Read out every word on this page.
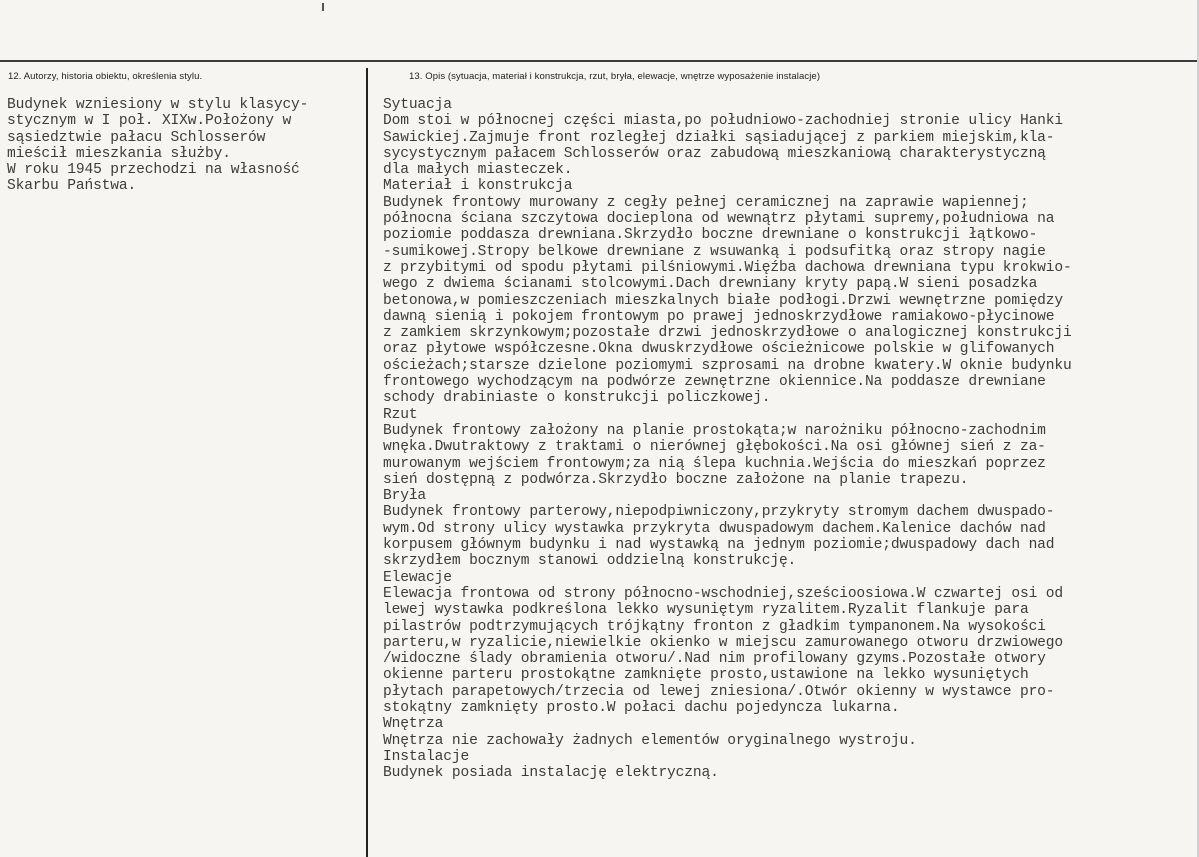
12. Autorzy, historia obiektu, określenia stylu.	13. Opis (sytuacja, materiał i konstrukcja, rzut, bryła, elewacje, wnętrze wyposażenie instalacje)
Budynek wzniesiony w stylu klasycy-
stycznym w I poł. XIXw.Położony w
sąsiedztwie pałacu Schlosserów
mieścił mieszkania służby.
W roku 1945 przechodzi na własność
Skarbu Państwa.
Sytuacja
Dom stoi w północnej części miasta,po południowo-zachodniej stronie ulicy Hanki
Sawickiej.Zajmuje front rozległej działki sąsiadującej z parkiem miejskim,kla-
sycystycznym pałacem Schlosserów oraz zabudową mieszkaniową charakterystyczną
dla małych miasteczek.
Materiał i konstrukcja
Budynek frontowy murowany z cegły pełnej ceramicznej na zaprawie wapiennej;
północna ściana szczytowa docieplona od wewnątrz płytami supremy,południowa na
poziomie poddasza drewniana.Skrzydło boczne drewniane o konstrukcji łątkowo-
-sumikowej.Stropy belkowe drewniane z wsuwanką i podsufitką oraz stropy nagie
z przybitymi od spodu płytami pilśniowymi.Więźba dachowa drewniana typu krokwio-
wego z dwiema ścianami stolcowymi.Dach drewniany kryty papą.W sieni posadzka
betonowa,w pomieszczeniach mieszkalnych białe podłogi.Drzwi wewnętrzne pomiędzy
dawną sienią i pokojem frontowym po prawej jednoskrzydłowe ramiakowo-płycinowe
z zamkiem skrzynkowym;pozostałe drzwi jednoskrzydłowe o analogicznej konstrukcji
oraz płytowe współczesne.Okna dwuskrzydłowe ościeżnicowe polskie w glifowanych
ościeżach;starsze dzielone poziomymi szprosami na drobne kwatery.W oknie budynku
frontowego wychodzącym na podwórze zewnętrzne okiennice.Na poddasze drewniane
schody drabiniaste o konstrukcji policzkowej.
Rzut
Budynek frontowy założony na planie prostokąta;w narożniku północno-zachodnim
wnęka.Dwutraktowy z traktami o nierównej głębokości.Na osi głównej sień z za-
murowanym wejściem frontowym;za nią ślepa kuchnia.Wejścia do mieszkań poprzez
sień dostępną z podwórza.Skrzydło boczne założone na planie trapezu.
Bryła
Budynek frontowy parterowy,niepodpiwniczony,przykryty stromym dachem dwuspado-
wym.Od strony ulicy wystawka przykryta dwuspadowym dachem.Kalenice dachów nad
korpusem głównym budynku i nad wystawką na jednym poziomie;dwuspadowy dach nad
skrzydłem bocznym stanowi oddzielną konstrukcję.
Elewacje
Elewacja frontowa od strony północno-wschodniej,sześcioosiowa.W czwartej osi od
lewej wystawka podkreślona lekko wysuniętym ryzalitem.Ryzalit flankuje para
pilastrów podtrzymujących trójkątny fronton z gładkim tympanonem.Na wysokości
parteru,w ryzalicie,niewielkie okienko w miejscu zamurowanego otworu drzwiowego
/widoczne ślady obramienia otworu/.Nad nim profilowany gzyms.Pozostałe otwory
okienne parteru prostokątne zamknięte prosto,ustawione na lekko wysuniętych
płytach parapetowych/trzecia od lewej zniesiona/.Otwór okienny w wystawce pro-
stokątny zamknięty prosto.W połaci dachu pojedyncza lukarna.
Wnętrza
Wnętrza nie zachowały żadnych elementów oryginalnego wystroju.
Instalacje
Budynek posiada instalację elektryczną.
